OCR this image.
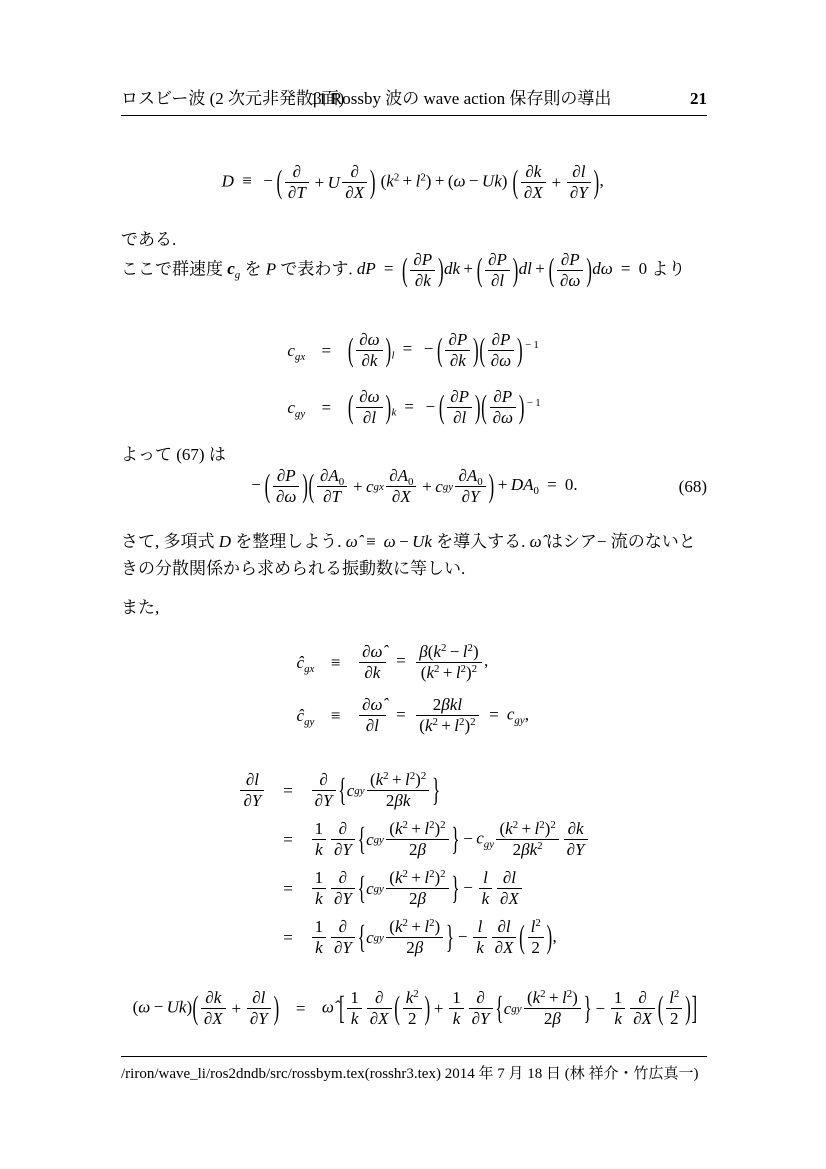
ロスビー波 (2 次元非発散β面)
11 Rossby 波の wave action 保存則の導出	21
D ≡ − ( ∂
∂T
+ U
∂
∂X ) $(k^2 + l^2) + (\omega - Uk)$ ( $\frac{\partial k}{\partial X} + \frac{\partial l}{\partial Y}$ ) ,
である.
ここで群速度 $c_g$ を P で表わす. dP = ( $\frac{\partial P}{\partial k}$ ) dk + ( $\frac{\partial P}{\partial l}$ ) dl + ( $\frac{\partial P}{\partial\omega}$ ) dω = 0 より
$c_{gx}$ = ( $\frac{\partial\omega}{\partial k}$ ) $_l$ = − ( $\frac{\partial P}{\partial k}$ ) ( $\frac{\partial P}{\partial\omega}$ ) $^{- 1}$
$c_{gy}$ = ( $\frac{\partial\omega}{\partial l}$ ) $_k$ = − ( $\frac{\partial P}{\partial l}$ ) ( $\frac{\partial P}{\partial\omega}$ ) $^{- 1}$
よって (67) は
− ( $\frac{\partial P}{\partial\omega}$ ) ( $\frac{\partial A_0}{\partial T} + c$ gx $\frac{\partial A_0}{\partial X} + c$ gy $\frac{\partial A_0}{\partial Y}$ ) + $DA_0 = 0$.	(68)
さて, 多項式 D を整理しよう. ω̂ ≡ ω − Uk を導入する. ω̂ はシア− 流のないときの分散関係から求められる振動数に等しい.
また,
$ĉ_{gx}$ ≡	$\frac{\partial\omegâ}{\partial k} = \frac{\beta(k^2 - l^2)}{(k^2 + l^2)^2}$ ,
$ĉ_{gy}$ ≡	$\frac{\partial\omegâ}{\partial l}$ =	2βkl
$(k^2 + l^2)^2 = c_{gy}$,
$\frac{\partial l}{\partial Y}$	=
∂
∂Y { c gy $\frac{(k^2 + l^2)^2}{2\beta k}$ }
=	$\frac{1}{k}$ ∂
∂Y { c gy $\frac{(k^2 + l^2)^2}{2\beta}$ } − $c_{gy} \frac{(k^2 + l^2)^2}{2\beta k^2} \frac{\partial k}{\partial Y}$
=	$\frac{1}{k}$ ∂
∂Y { c gy $\frac{(k^2 + l^2)^2}{2\beta}$ } − $\frac{l}{k} \frac{\partial l}{\partial X}$
=	$\frac{1}{k}$ ∂
∂Y { c gy $\frac{(k^2 + l^2)}{2\beta}$ } − $\frac{l}{k} \frac{\partial l}{\partial X}$ ( $\frac{l^2}{2}$ ) ,
(ω − Uk) ( $\frac{\partial k}{\partial X} + \frac{\partial l}{\partial Y}$ ) = ω̂ [ $\frac{1}{k}$ ∂
∂X ( $\frac{k^2}{2}$ ) + $\frac{1}{k}$ ∂
∂Y { c gy $\frac{(k^2 + l^2)}{2\beta}$ } − $\frac{1}{k}$ ∂
∂X ( $\frac{l^2}{2}$ ) ]
/riron/wave_li/ros2dndb/src/rossbym.tex(rosshr3.tex) 2014 年 7 月 18 日 (林 祥介・竹広真一)
